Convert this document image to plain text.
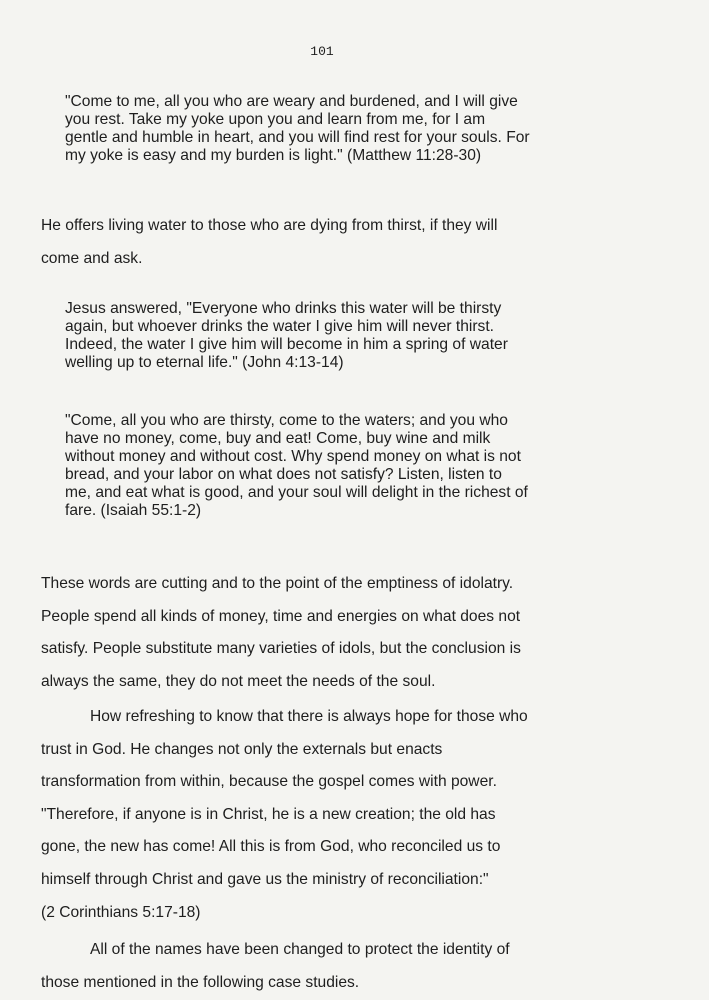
101
"Come to me, all you who are weary and burdened, and I will give
you rest. Take my yoke upon you and learn from me, for I am
gentle and humble in heart, and you will find rest for your souls. For
my yoke is easy and my burden is light." (Matthew 11:28-30)
He offers living water to those who are dying from thirst, if they will
come and ask.
Jesus answered, "Everyone who drinks this water will be thirsty
again, but whoever drinks the water I give him will never thirst.
Indeed, the water I give him will become in him a spring of water
welling up to eternal life." (John 4:13-14)
"Come, all you who are thirsty, come to the waters; and you who
have no money, come, buy and eat! Come, buy wine and milk
without money and without cost. Why spend money on what is not
bread, and your labor on what does not satisfy? Listen, listen to
me, and eat what is good, and your soul will delight in the richest of
fare. (Isaiah 55:1-2)
These words are cutting and to the point of the emptiness of idolatry.
People spend all kinds of money, time and energies on what does not
satisfy. People substitute many varieties of idols, but the conclusion is
always the same, they do not meet the needs of the soul.
How refreshing to know that there is always hope for those who
trust in God. He changes not only the externals but enacts
transformation from within, because the gospel comes with power.
"Therefore, if anyone is in Christ, he is a new creation; the old has
gone, the new has come! All this is from God, who reconciled us to
himself through Christ and gave us the ministry of reconciliation:"
(2 Corinthians 5:17-18)
All of the names have been changed to protect the identity of
those mentioned in the following case studies.
